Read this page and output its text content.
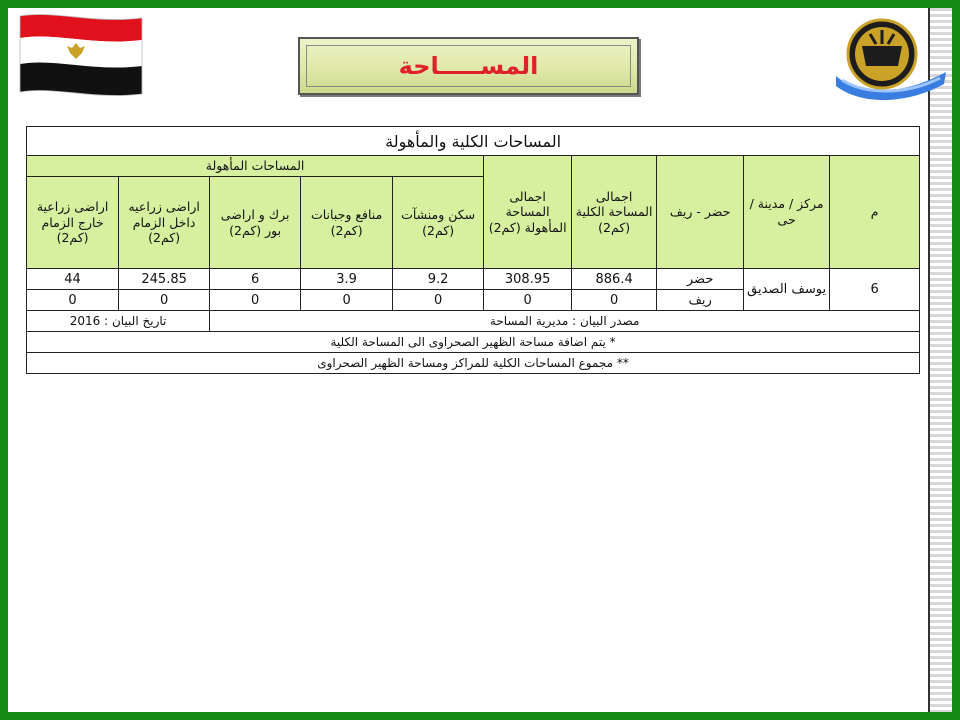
المســـــاحة
المساحات الكلية والمأهولة									
م	مركز / مدينة / حى	حضر - ريف	اجمالى المساحة الكلية (كم2)	اجمالى المساحة المأهولة (كم2)	المساحات المأهولة				
					سكن ومنشآت (كم2)	منافع وجبانات (كم2)	برك و اراضى بور (كم2)	اراضى زراعيه داخل الزمام (كم2)	اراضى زراعية خارج الزمام (كم2)
6	يوسف الصديق	حضر	886.4	308.95	9.2	3.9	6	245.85	44
		ريف	0	0	0	0	0	0	0
مصدر البيان : مديرية المساحة								تاريخ البيان : 2016	
* يتم اضافة مساحة الظهير الصحراوى الى المساحة الكلية									
** مجموع المساحات الكلية للمراكز ومساحة الظهير الصحراوى									
